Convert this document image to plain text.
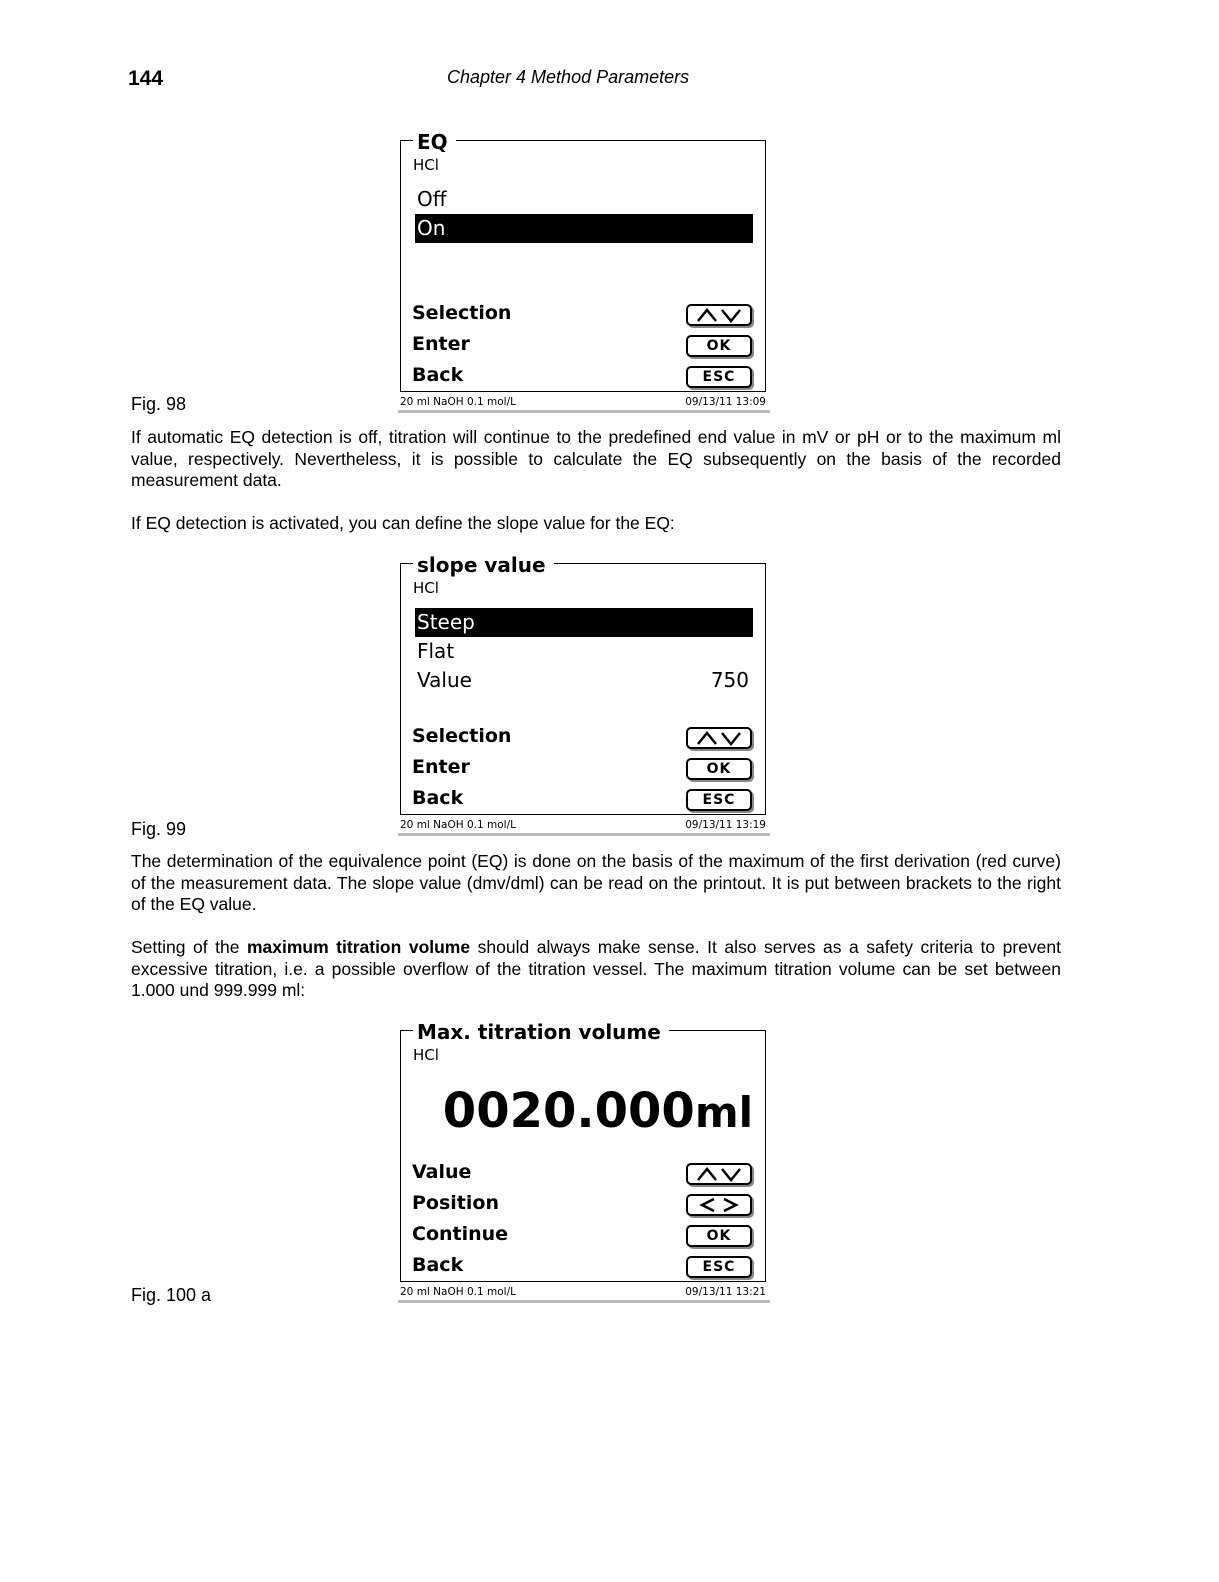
144	Chapter 4 Method Parameters
EQ
HCl
Off
On
Selection
Enter	OK
Back	ESC
20 ml NaOH 0.1 mol/L	09/13/11 13:09
Fig. 98

If automatic EQ detection is off, titration will continue to the predefined end value in mV or pH or to the maximum ml value, respectively. Nevertheless, it is possible to calculate the EQ subsequently on the basis of the recorded measurement data.

If EQ detection is activated, you can define the slope value for the EQ:

slope value
HCl
Steep
Flat
Value	750
Selection
Enter	OK
Back	ESC
20 ml NaOH 0.1 mol/L	09/13/11 13:19
Fig. 99

The determination of the equivalence point (EQ) is done on the basis of the maximum of the first derivation (red curve) of the measurement data. The slope value (dmv/dml) can be read on the printout. It is put between brackets to the right of the EQ value.

Setting of the maximum titration volume should always make sense. It also serves as a safety criteria to prevent excessive titration, i.e. a possible overflow of the titration vessel. The maximum titration volume can be set between 1.000 und 999.999 ml:

Max. titration volume
HCl
0020.000ml
Value
Position
Continue	OK
Back	ESC
20 ml NaOH 0.1 mol/L	09/13/11 13:21
Fig. 100 a
